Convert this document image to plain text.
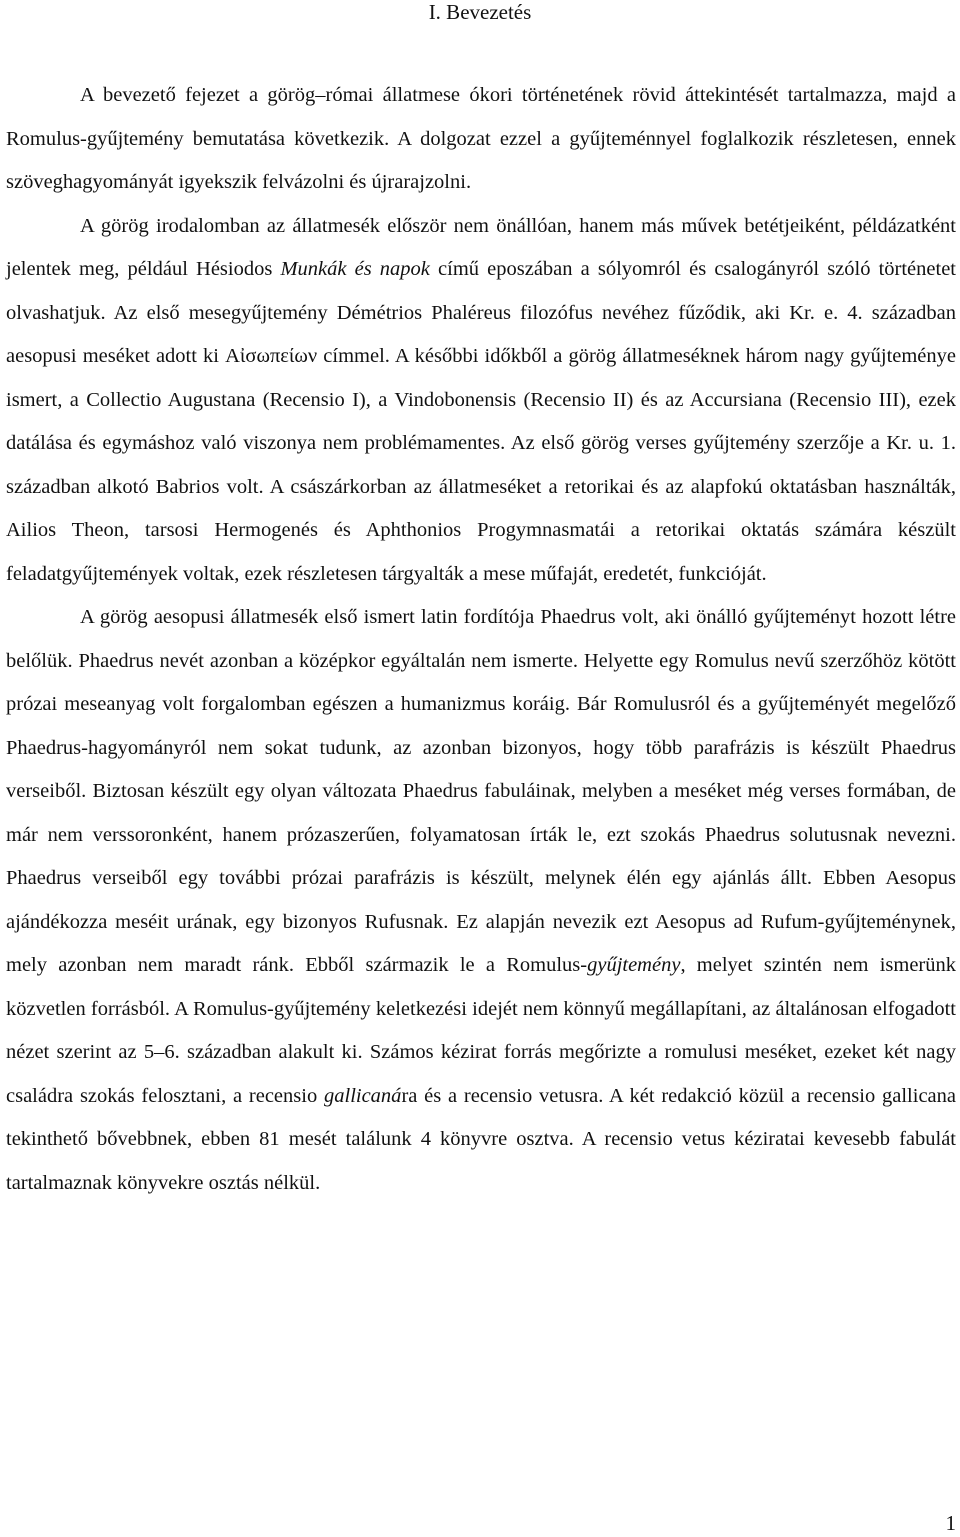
I. Bevezetés

A bevezető fejezet a görög–római állatmese ókori történetének rövid áttekintését tartalmazza, majd a Romulus-gyűjtemény bemutatása következik. A dolgozat ezzel a gyűjteménnyel foglalkozik részletesen, ennek szöveghagyományát igyekszik felvázolni és újrarajzolni.

A görög irodalomban az állatmesék először nem önállóan, hanem más művek betétjeiként, példázatként jelentek meg, például Hésiodos Munkák és napok című eposzában a sólyomról és csalogányról szóló történetet olvashatjuk. Az első mesegyűjtemény Démétrios Phaléreus filozófus nevéhez fűződik, aki Kr. e. 4. században aesopusi meséket adott ki Αἰσωπείων címmel. A későbbi időkből a görög állatmeséknek három nagy gyűjteménye ismert, a Collectio Augustana (Recensio I), a Vindobonensis (Recensio II) és az Accursiana (Recensio III), ezek datálása és egymáshoz való viszonya nem problémamentes. Az első görög verses gyűjtemény szerzője a Kr. u. 1. században alkotó Babrios volt. A császárkorban az állatmeséket a retorikai és az alapfokú oktatásban használták, Ailios Theon, tarsosi Hermogenés és Aphthonios Progymnasmatái a retorikai oktatás számára készült feladatgyűjtemények voltak, ezek részletesen tárgyalták a mese műfaját, eredetét, funkcióját.

A görög aesopusi állatmesék első ismert latin fordítója Phaedrus volt, aki önálló gyűjteményt hozott létre belőlük. Phaedrus nevét azonban a középkor egyáltalán nem ismerte. Helyette egy Romulus nevű szerzőhöz kötött prózai meseanyag volt forgalomban egészen a humanizmus koráig. Bár Romulusról és a gyűjteményét megelőző Phaedrus-hagyományról nem sokat tudunk, az azonban bizonyos, hogy több parafrázis is készült Phaedrus verseiből. Biztosan készült egy olyan változata Phaedrus fabuláinak, melyben a meséket még verses formában, de már nem verssoronként, hanem prózaszerűen, folyamatosan írták le, ezt szokás Phaedrus solutusnak nevezni. Phaedrus verseiből egy további prózai parafrázis is készült, melynek élén egy ajánlás állt. Ebben Aesopus ajándékozza meséit urának, egy bizonyos Rufusnak. Ez alapján nevezik ezt Aesopus ad Rufum-gyűjteménynek, mely azonban nem maradt ránk. Ebből származik le a Romulus-gyűjtemény, melyet szintén nem ismerünk közvetlen forrásból. A Romulus-gyűjtemény keletkezési idejét nem könnyű megállapítani, az általánosan elfogadott nézet szerint az 5–6. században alakult ki. Számos kézirat forrás megőrizte a romulusi meséket, ezeket két nagy családra szokás felosztani, a recensio gallicanára és a recensio vetusra. A két redakció közül a recensio gallicana tekinthető bővebbnek, ebben 81 mesét találunk 4 könyvre osztva. A recensio vetus kéziratai kevesebb fabulát tartalmaznak könyvekre osztás nélkül.

1
